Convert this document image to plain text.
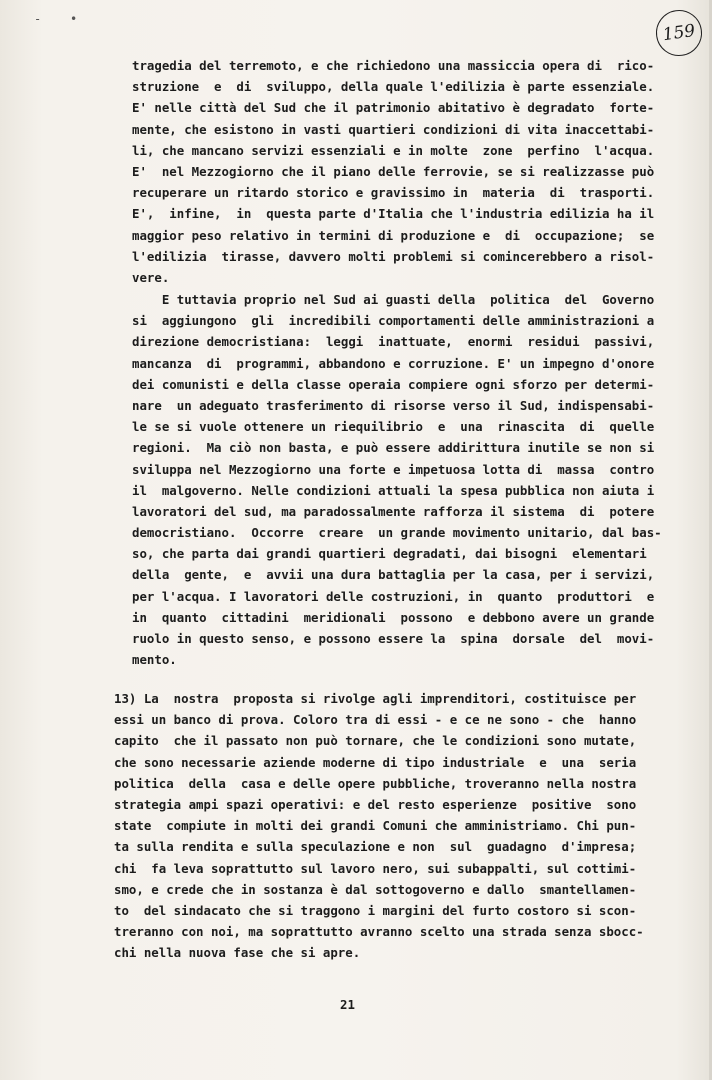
- •
159
tragedia del terremoto, e che richiedono una massiccia opera di  rico-
struzione  e  di  sviluppo, della quale l'edilizia è parte essenziale.
E' nelle città del Sud che il patrimonio abitativo è degradato  forte-
mente, che esistono in vasti quartieri condizioni di vita inaccettabi-
li, che mancano servizi essenziali e in molte  zone  perfino  l'acqua.
E'  nel Mezzogiorno che il piano delle ferrovie, se si realizzasse può
recuperare un ritardo storico e gravissimo in  materia  di  trasporti.
E',  infine,  in  questa parte d'Italia che l'industria edilizia ha il
maggior peso relativo in termini di produzione e  di  occupazione;  se
l'edilizia  tirasse, davvero molti problemi si comincerebbero a risol-
vere.
E tuttavia proprio nel Sud ai guasti della  politica  del  Governo
si  aggiungono  gli  incredibili comportamenti delle amministrazioni a
direzione democristiana:  leggi  inattuate,  enormi  residui  passivi,
mancanza  di  programmi, abbandono e corruzione. E' un impegno d'onore
dei comunisti e della classe operaia compiere ogni sforzo per determi-
nare  un adeguato trasferimento di risorse verso il Sud, indispensabi-
le se si vuole ottenere un riequilibrio  e  una  rinascita  di  quelle
regioni.  Ma ciò non basta, e può essere addirittura inutile se non si
sviluppa nel Mezzogiorno una forte e impetuosa lotta di  massa  contro
il  malgoverno. Nelle condizioni attuali la spesa pubblica non aiuta i
lavoratori del sud, ma paradossalmente rafforza il sistema  di  potere
democristiano.  Occorre  creare  un grande movimento unitario, dal bas-
so, che parta dai grandi quartieri degradati, dai bisogni  elementari
della  gente,  e  avvii una dura battaglia per la casa, per i servizi,
per l'acqua. I lavoratori delle costruzioni, in  quanto  produttori  e
in  quanto  cittadini  meridionali  possono  e debbono avere un grande
ruolo in questo senso, e possono essere la  spina  dorsale  del  movi-
mento.
13) La  nostra  proposta si rivolge agli imprenditori, costituisce per
essi un banco di prova. Coloro tra di essi - e ce ne sono - che  hanno
capito  che il passato non può tornare, che le condizioni sono mutate,
che sono necessarie aziende moderne di tipo industriale  e  una  seria
politica  della  casa e delle opere pubbliche, troveranno nella nostra
strategia ampi spazi operativi: e del resto esperienze  positive  sono
state  compiute in molti dei grandi Comuni che amministriamo. Chi pun-
ta sulla rendita e sulla speculazione e non  sul  guadagno  d'impresa;
chi  fa leva soprattutto sul lavoro nero, sui subappalti, sul cottimi-
smo, e crede che in sostanza è dal sottogoverno e dallo  smantellamen-
to  del sindacato che si traggono i margini del furto costoro si scon-
treranno con noi, ma soprattutto avranno scelto una strada senza sbocc-
chi nella nuova fase che si apre.
21
